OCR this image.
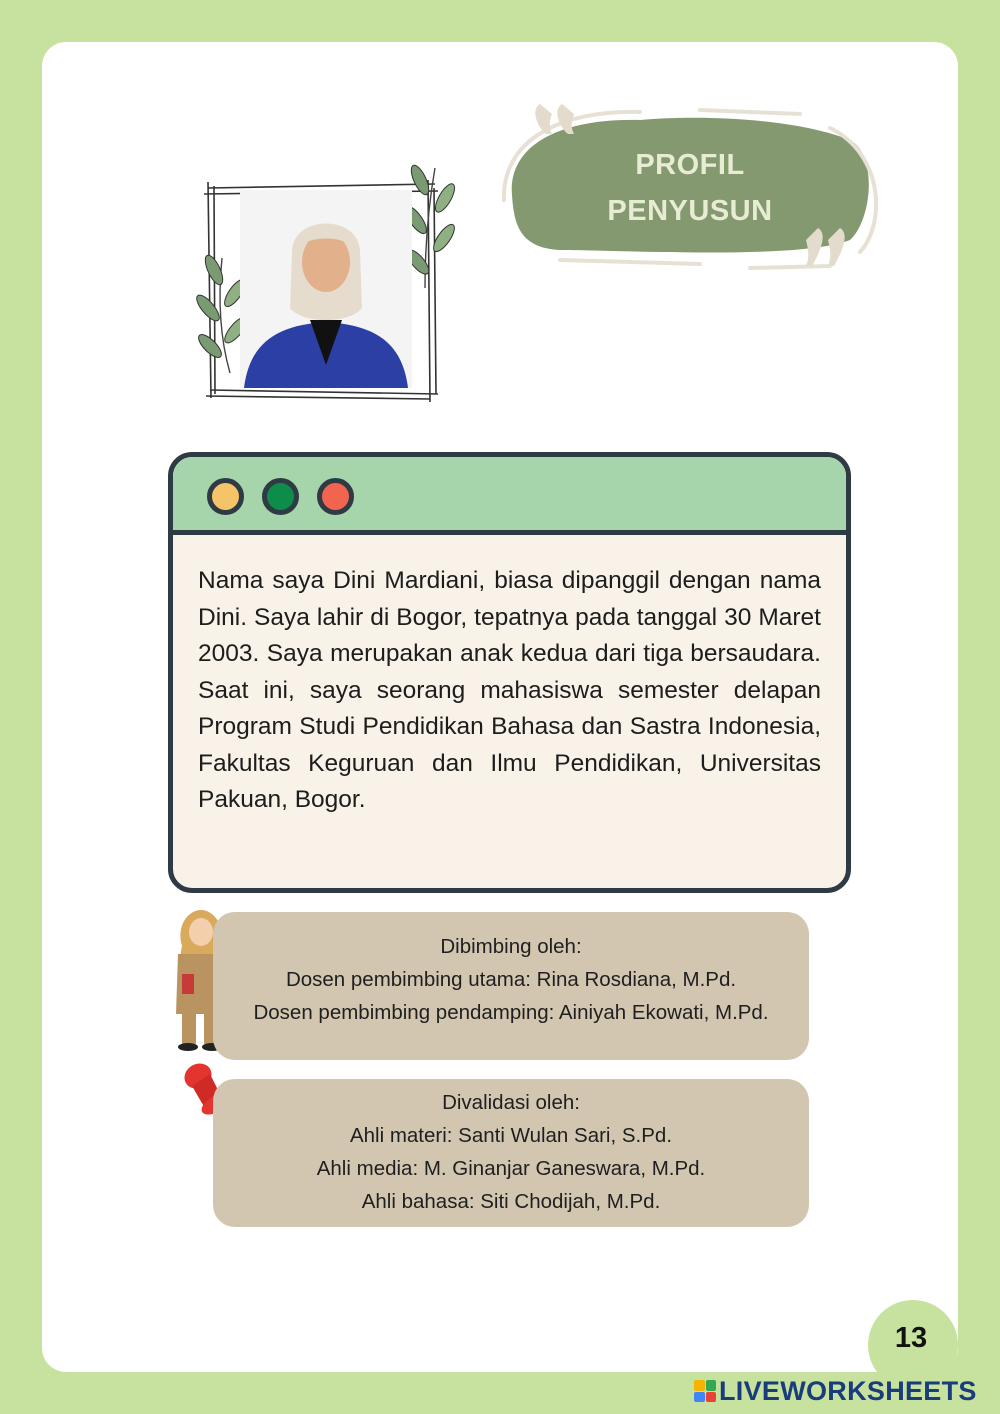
PROFIL
PENYUSUN
Nama saya Dini Mardiani, biasa dipanggil dengan nama Dini. Saya lahir di Bogor, tepatnya pada tanggal 30 Maret 2003. Saya merupakan anak kedua dari tiga bersaudara. Saat ini, saya seorang mahasiswa semester delapan Program Studi Pendidikan Bahasa dan Sastra Indonesia, Fakultas Keguruan dan Ilmu Pendidikan, Universitas Pakuan, Bogor.
Dibimbing oleh:
Dosen pembimbing utama: Rina Rosdiana, M.Pd.
Dosen pembimbing pendamping: Ainiyah Ekowati, M.Pd.
Divalidasi oleh:
Ahli materi: Santi Wulan Sari, S.Pd.
Ahli media: M. Ginanjar Ganeswara, M.Pd.
Ahli bahasa: Siti Chodijah, M.Pd.
13
LIVEWORKSHEETS
